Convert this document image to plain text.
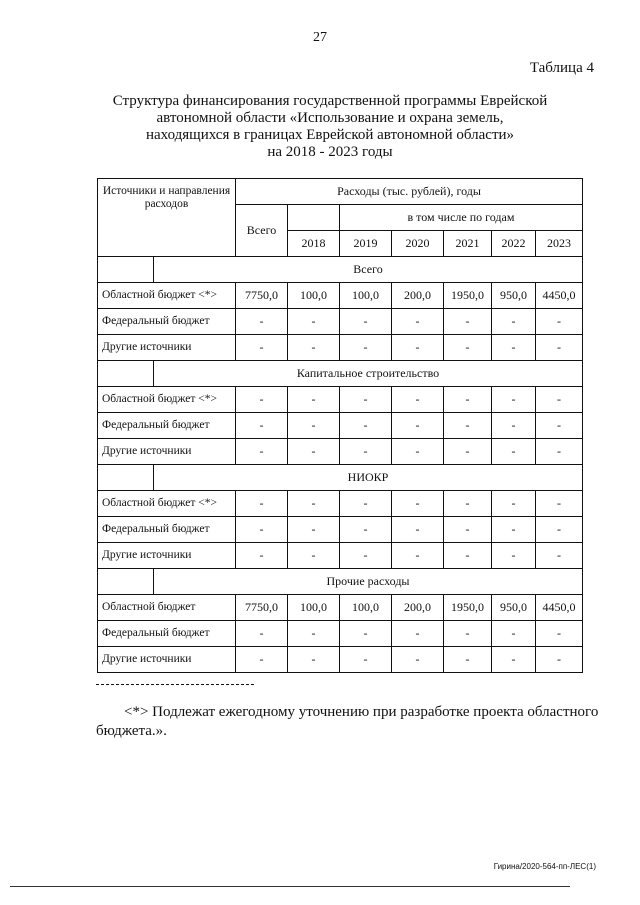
27
Таблица 4
Структура финансирования государственной программы Еврейской
автономной области «Использование и охрана земель,
находящихся в границах Еврейской автономной области»
на 2018 - 2023 годы
Источники и направления расходов		Расходы (тыс. рублей), годы						
		Всего		в том числе по годам				
			2018	2019	2020	2021	2022	2023
	Всего							
Областной бюджет <*>		7750,0	100,0	100,0	200,0	1950,0	950,0	4450,0
Федеральный бюджет		-	-	-	-	-	-	-
Другие источники		-	-	-	-	-	-	-
	Капитальное строительство							
Областной бюджет <*>		-	-	-	-	-	-	-
Федеральный бюджет		-	-	-	-	-	-	-
Другие источники		-	-	-	-	-	-	-
	НИОКР							
Областной бюджет <*>		-	-	-	-	-	-	-
Федеральный бюджет		-	-	-	-	-	-	-
Другие источники		-	-	-	-	-	-	-
	Прочие расходы							
Областной бюджет		7750,0	100,0	100,0	200,0	1950,0	950,0	4450,0
Федеральный бюджет		-	-	-	-	-	-	-
Другие источники		-	-	-	-	-	-	-
<*> Подлежат ежегодному уточнению при разработке проекта областного
бюджета.».
Гирина/2020-564-пп-ЛЕС(1)
